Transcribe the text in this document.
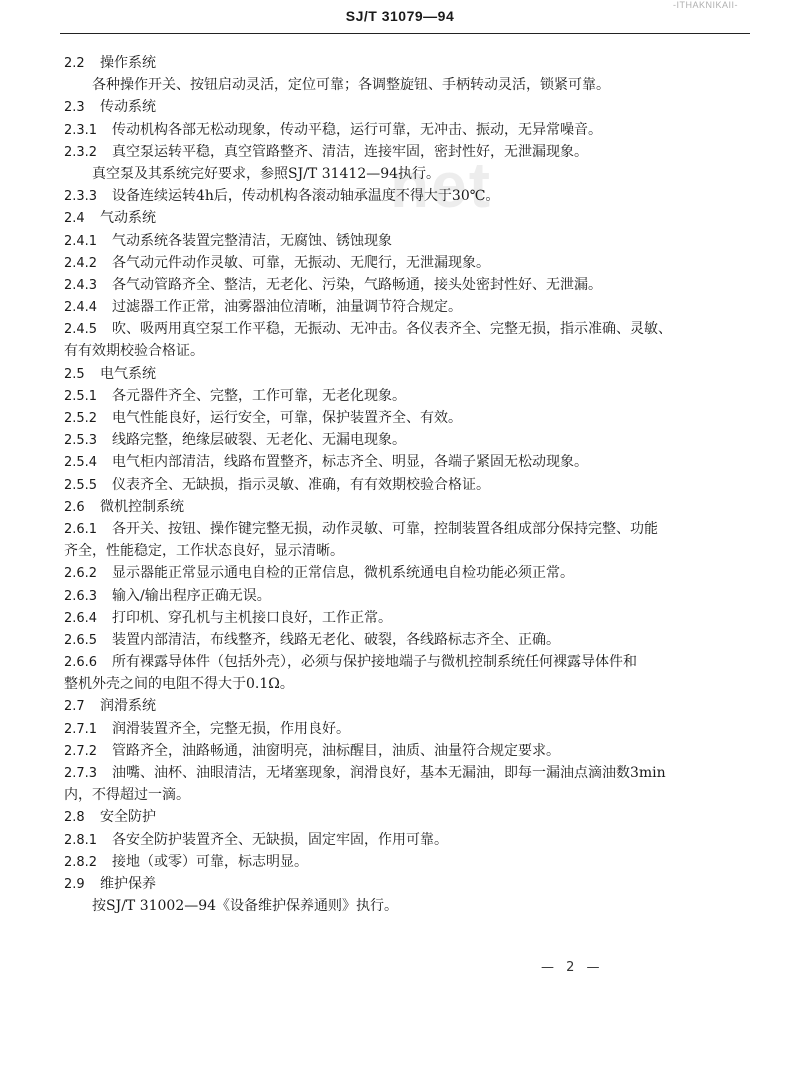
-ITHAKNIKAII-
SJ/T 31079—94
net
2.2 操作系统
各种操作开关、按钮启动灵活，定位可靠；各调整旋钮、手柄转动灵活，锁紧可靠。
2.3 传动系统
2.3.1 传动机构各部无松动现象，传动平稳，运行可靠，无冲击、振动，无异常噪音。
2.3.2 真空泵运转平稳，真空管路整齐、清洁，连接牢固，密封性好，无泄漏现象。
真空泵及其系统完好要求，参照SJ/T 31412—94执行。
2.3.3 设备连续运转4h后，传动机构各滚动轴承温度不得大于30℃。
2.4 气动系统
2.4.1 气动系统各装置完整清洁，无腐蚀、锈蚀现象
2.4.2 各气动元件动作灵敏、可靠，无振动、无爬行，无泄漏现象。
2.4.3 各气动管路齐全、整洁，无老化、污染，气路畅通，接头处密封性好、无泄漏。
2.4.4 过滤器工作正常，油雾器油位清晰，油量调节符合规定。
2.4.5 吹、吸两用真空泵工作平稳，无振动、无冲击。各仪表齐全、完整无损，指示准确、灵敏、
有有效期校验合格证。
2.5 电气系统
2.5.1 各元器件齐全、完整，工作可靠，无老化现象。
2.5.2 电气性能良好，运行安全，可靠，保护装置齐全、有效。
2.5.3 线路完整，绝缘层破裂、无老化、无漏电现象。
2.5.4 电气柜内部清洁，线路布置整齐，标志齐全、明显，各端子紧固无松动现象。
2.5.5 仪表齐全、无缺损，指示灵敏、准确，有有效期校验合格证。
2.6 微机控制系统
2.6.1 各开关、按钮、操作键完整无损，动作灵敏、可靠，控制装置各组成部分保持完整、功能
齐全，性能稳定，工作状态良好，显示清晰。
2.6.2 显示器能正常显示通电自检的正常信息，微机系统通电自检功能必须正常。
2.6.3 输入/输出程序正确无误。
2.6.4 打印机、穿孔机与主机接口良好，工作正常。
2.6.5 装置内部清洁，布线整齐，线路无老化、破裂，各线路标志齐全、正确。
2.6.6 所有裸露导体件（包括外壳），必须与保护接地端子与微机控制系统任何裸露导体件和
整机外壳之间的电阻不得大于0.1Ω。
2.7 润滑系统
2.7.1 润滑装置齐全，完整无损，作用良好。
2.7.2 管路齐全，油路畅通，油窗明亮，油标醒目，油质、油量符合规定要求。
2.7.3 油嘴、油杯、油眼清洁，无堵塞现象，润滑良好，基本无漏油，即每一漏油点滴油数3min
内，不得超过一滴。
2.8 安全防护
2.8.1 各安全防护装置齐全、无缺损，固定牢固，作用可靠。
2.8.2 接地（或零）可靠，标志明显。
2.9 维护保养
按SJ/T 31002—94《设备维护保养通则》执行。
— 2 —
